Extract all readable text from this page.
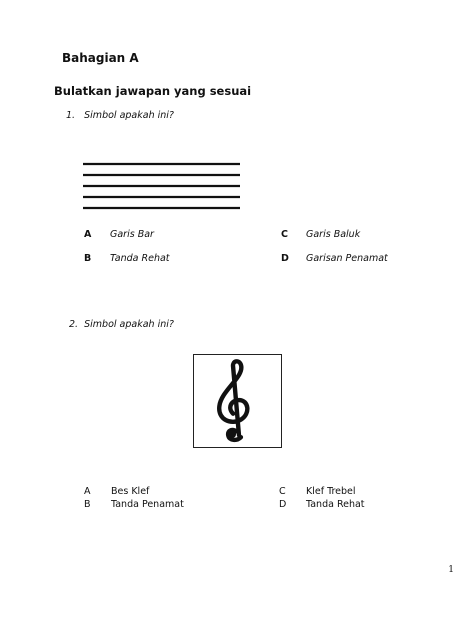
Bahagian A
Bulatkan jawapan yang sesuai
1. Simbol apakah ini?
A Garis Bar
B Tanda Rehat
C Garis Baluk
D Garisan Penamat
2. Simbol apakah ini?
A Bes Klef
B Tanda Penamat
C Klef Trebel
D Tanda Rehat
1
